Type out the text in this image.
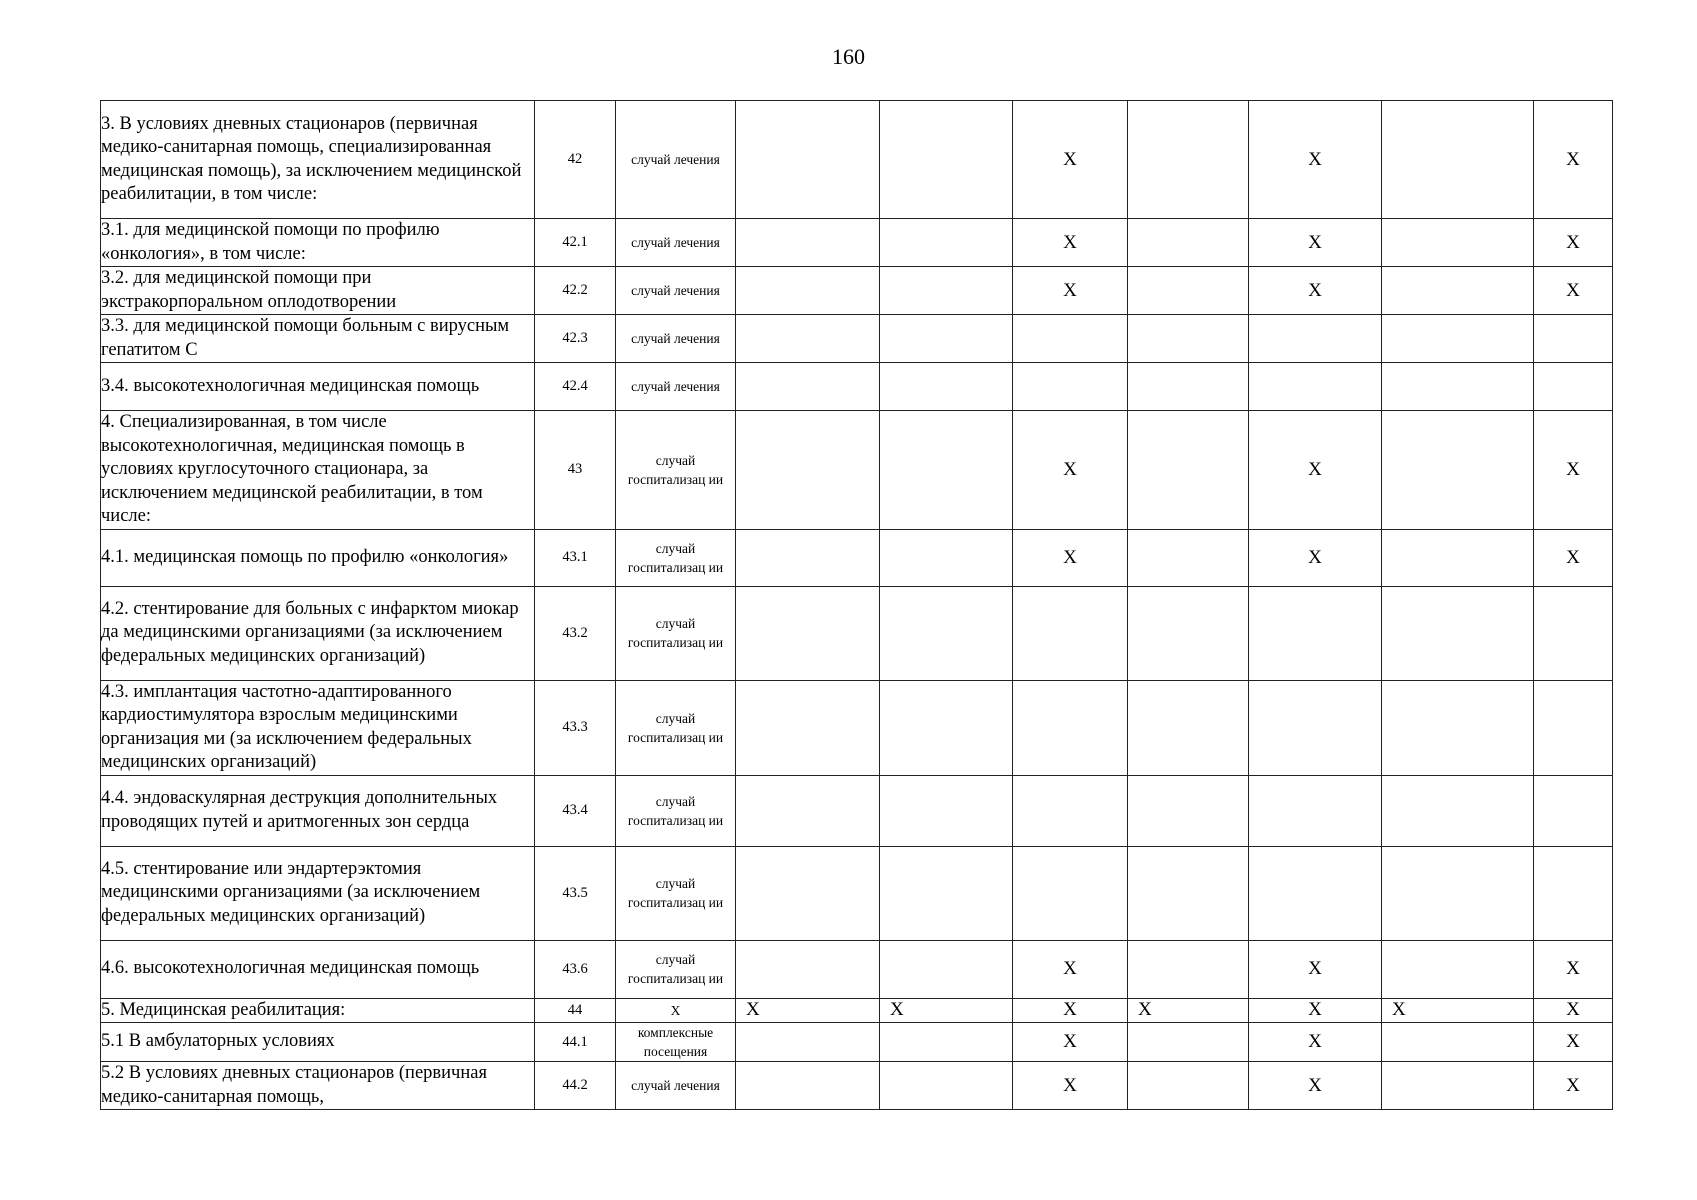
160
3. В условиях дневных стационаров (первичная медико-санитарная помощь, специализированная медицинская помощь), за исключением медицинской реабилитации, в том числе:	42	случай лечения			X		X		X
3.1. для медицинской помощи по профилю «онкология», в том числе:	42.1	случай лечения			X		X		X
3.2. для медицинской помощи при экстракорпоральном оплодотворении	42.2	случай лечения			X		X		X
3.3. для медицинской помощи больным с вирусным гепатитом С	42.3	случай лечения							
3.4. высокотехнологичная медицинская помощь	42.4	случай лечения							
4. Специализированная, в том числе высокотехнологичная, медицинская помощь в условиях круглосуточного стационара, за исключением медицинской реабилитации, в том числе:	43	случай госпитализац ии			X		X		X
4.1. медицинская помощь по профилю «онкология»	43.1	случай госпитализац ии			X		X		X
4.2. стентирование для больных с инфарктом миокар да медицинскими организациями (за исключением федеральных медицинских организаций)	43.2	случай госпитализац ии							
4.3. имплантация частотно-адаптированного кардиостимулятора взрослым медицинскими организация ми (за исключением федеральных медицинских организаций)	43.3	случай госпитализац ии							
4.4. эндоваскулярная деструкция дополнительных проводящих путей и аритмогенных зон сердца	43.4	случай госпитализац ии							
4.5. стентирование или эндартерэктомия медицинскими организациями (за исключением федеральных медицинских организаций)	43.5	случай госпитализац ии							
4.6. высокотехнологичная медицинская помощь	43.6	случай госпитализац ии			X		X		X
5. Медицинская реабилитация:	44	Х	Х	Х	Х	Х	Х	Х	Х
5.1 В амбулаторных условиях	44.1	комплексные посещения			X		X		X
5.2 В условиях дневных стационаров (первичная медико-санитарная помощь,	44.2	случай лечения			X		X		X
